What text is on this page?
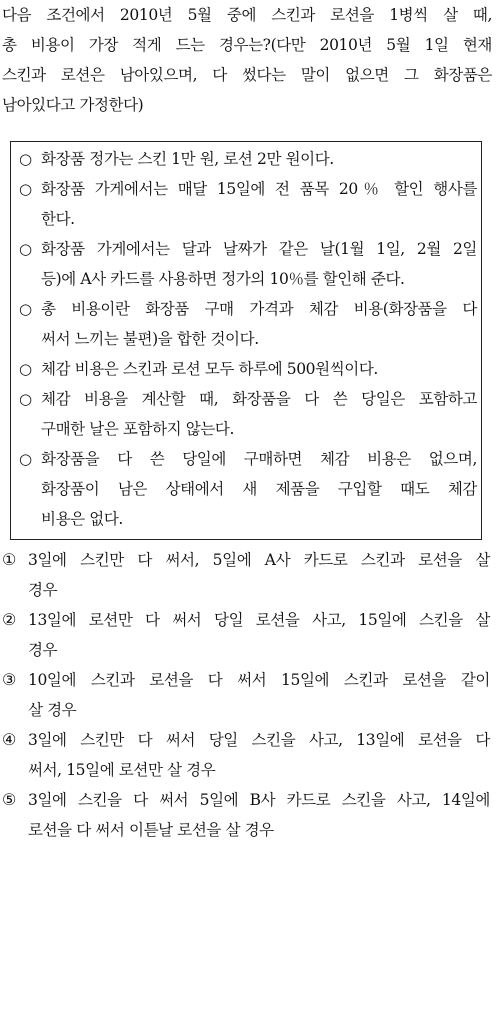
다음 조건에서 2010년 5월 중에 스킨과 로션을 1병씩 살 때,
총 비용이 가장 적게 드는 경우는?(다만 2010년 5월 1일 현재
스킨과 로션은 남아있으며, 다 썼다는 말이 없으면 그 화장품은
남아있다고 가정한다)
○ 화장품 정가는 스킨 1만 원, 로션 2만 원이다.
○ 화장품 가게에서는 매달 15일에 전 품목 20％ 할인 행사를
한다.
○ 화장품 가게에서는 달과 날짜가 같은 날(1월 1일, 2월 2일
등)에 A사 카드를 사용하면 정가의 10％를 할인해 준다.
○ 총 비용이란 화장품 구매 가격과 체감 비용(화장품을 다
써서 느끼는 불편)을 합한 것이다.
○ 체감 비용은 스킨과 로션 모두 하루에 500원씩이다.
○ 체감 비용을 계산할 때, 화장품을 다 쓴 당일은 포함하고
구매한 날은 포함하지 않는다.
○ 화장품을 다 쓴 당일에 구매하면 체감 비용은 없으며,
화장품이 남은 상태에서 새 제품을 구입할 때도 체감
비용은 없다.
① 3일에 스킨만 다 써서, 5일에 A사 카드로 스킨과 로션을 살
경우
② 13일에 로션만 다 써서 당일 로션을 사고, 15일에 스킨을 살
경우
③ 10일에 스킨과 로션을 다 써서 15일에 스킨과 로션을 같이
살 경우
④ 3일에 스킨만 다 써서 당일 스킨을 사고, 13일에 로션을 다
써서, 15일에 로션만 살 경우
⑤ 3일에 스킨을 다 써서 5일에 B사 카드로 스킨을 사고, 14일에
로션을 다 써서 이튿날 로션을 살 경우
